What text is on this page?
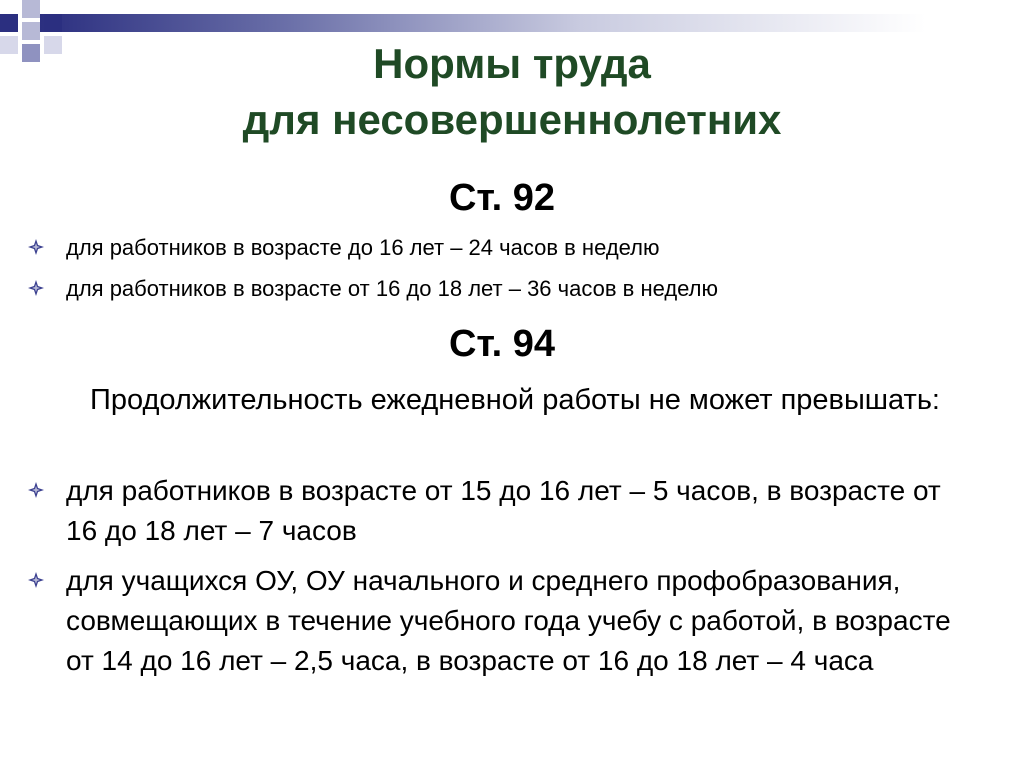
Нормы труда
для несовершеннолетних
Ст. 92
для работников в возрасте до 16 лет – 24 часов в неделю
для работников в возрасте от 16 до 18 лет – 36 часов в неделю
Ст. 94
Продолжительность ежедневной работы не может превышать:
для работников в возрасте от 15 до 16 лет – 5 часов, в возрасте от 16 до 18 лет – 7 часов
для учащихся ОУ, ОУ начального и среднего профобразования, совмещающих в течение учебного года учебу с работой, в возрасте от 14 до 16 лет – 2,5 часа, в возрасте от 16 до 18 лет – 4 часа
